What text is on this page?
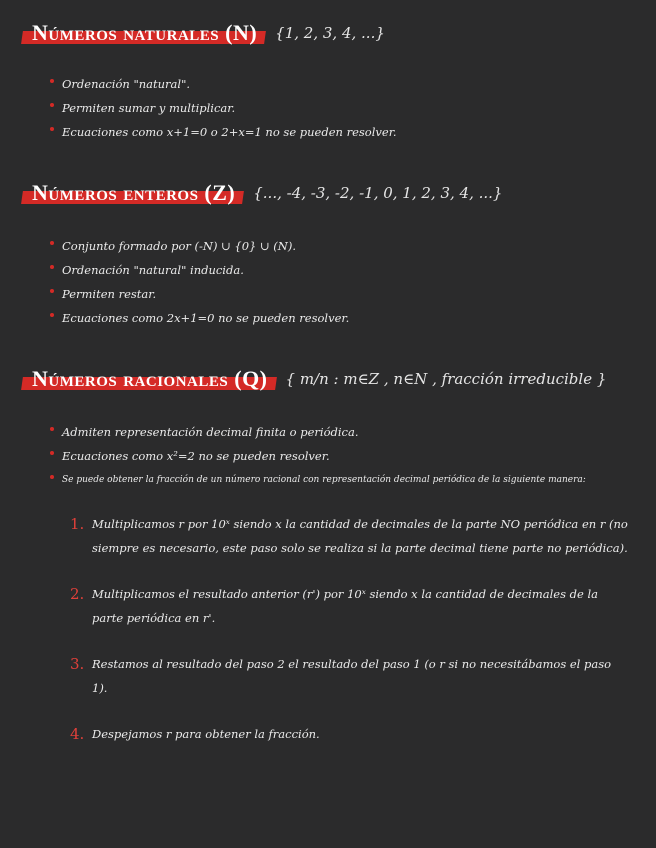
Números naturales (N)	{1, 2, 3, 4, ...}
Ordenación "natural".
Permiten sumar y multiplicar.
Ecuaciones como x+1=0 o 2+x=1 no se pueden resolver.
Números enteros (Z)	{..., -4, -3, -2, -1, 0, 1, 2, 3, 4, ...}
Conjunto formado por (-N) ∪ {0} ∪ (N).
Ordenación "natural" inducida.
Permiten restar.
Ecuaciones como 2x+1=0 no se pueden resolver.
Números racionales (Q)	{ m/n : m∈Z , n∈N , fracción irreducible }
Admiten representación decimal finita o periódica.
Ecuaciones como x²=2 no se pueden resolver.
Se puede obtener la fracción de un número racional con representación decimal periódica de la siguiente manera:
1. Multiplicamos r por 10ˣ siendo x la cantidad de decimales de la parte NO periódica en r (no siempre es necesario, este paso solo se realiza si la parte decimal tiene parte no periódica).
2. Multiplicamos el resultado anterior (r') por 10ˣ siendo x la cantidad de decimales de la parte periódica en r'.
3. Restamos al resultado del paso 2 el resultado del paso 1 (o r si no necesitábamos el paso 1).
4. Despejamos r para obtener la fracción.
